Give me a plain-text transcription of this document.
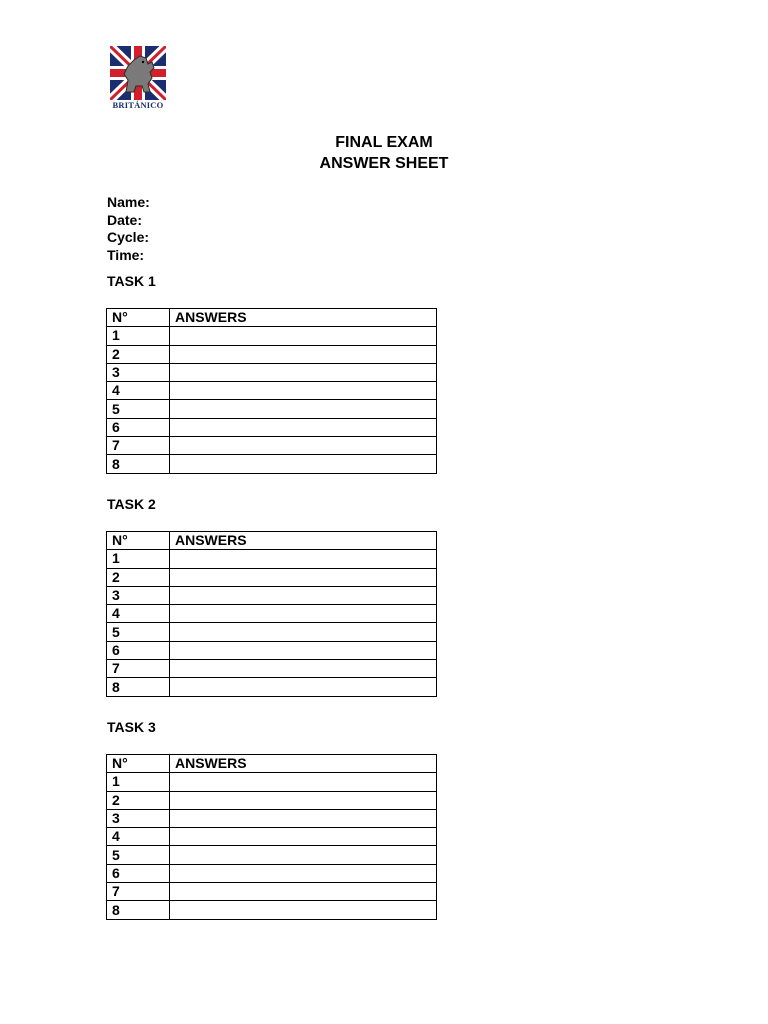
BRITÁNICO
FINAL EXAM
ANSWER SHEET
Name:
Date:
Cycle:
Time:
TASK 1
N°	ANSWERS
1	
2	
3	
4	
5	
6	
7	
8	
TASK 2
N°	ANSWERS
1	
2	
3	
4	
5	
6	
7	
8	
TASK 3
N°	ANSWERS
1	
2	
3	
4	
5	
6	
7	
8	
